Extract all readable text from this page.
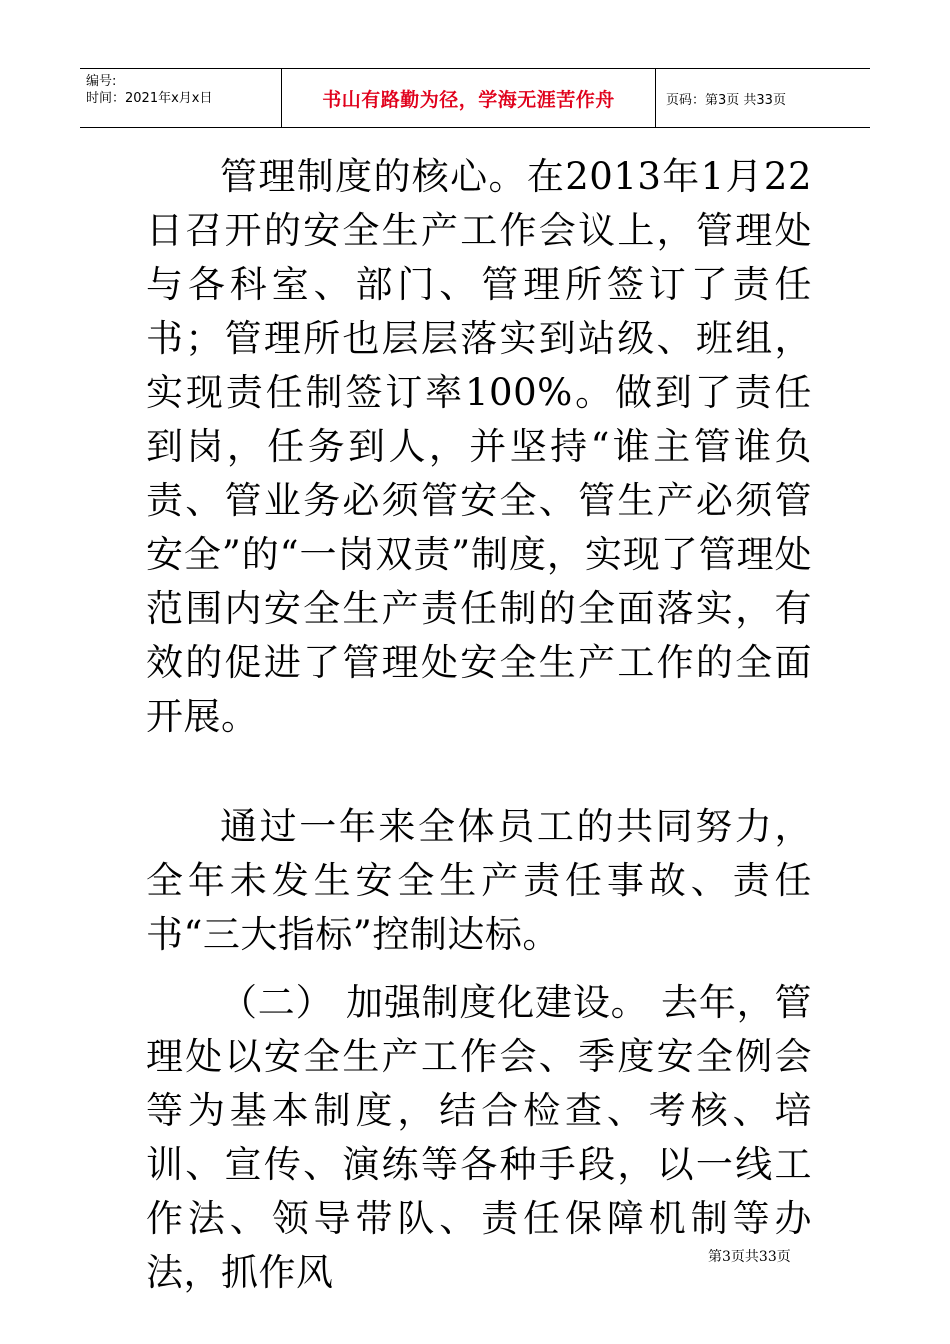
编号:
时间：2021年x月x日	书山有路勤为径，学海无涯苦作舟	页码：第3页 共33页

管理制度的核心。在2013年1月22日召开的安全生产工作会议上，管理处与各科室、部门、管理所签订了责任书；管理所也层层落实到站级、班组，实现责任制签订率100%。做到了责任到岗，任务到人，并坚持“谁主管谁负责、管业务必须管安全、管生产必须管安全”的“一岗双责”制度，实现了管理处范围内安全生产责任制的全面落实，有效的促进了管理处安全生产工作的全面开展。

通过一年来全体员工的共同努力，全年未发生安全生产责任事故、责任书“三大指标”控制达标。

（二） 加强制度化建设。 去年，管理处以安全生产工作会、季度安全例会等为基本制度，结合检查、考核、培训、宣传、演练等各种手段，以一线工作法、领导带队、责任保障机制等办法，抓作风	第3页共33页
